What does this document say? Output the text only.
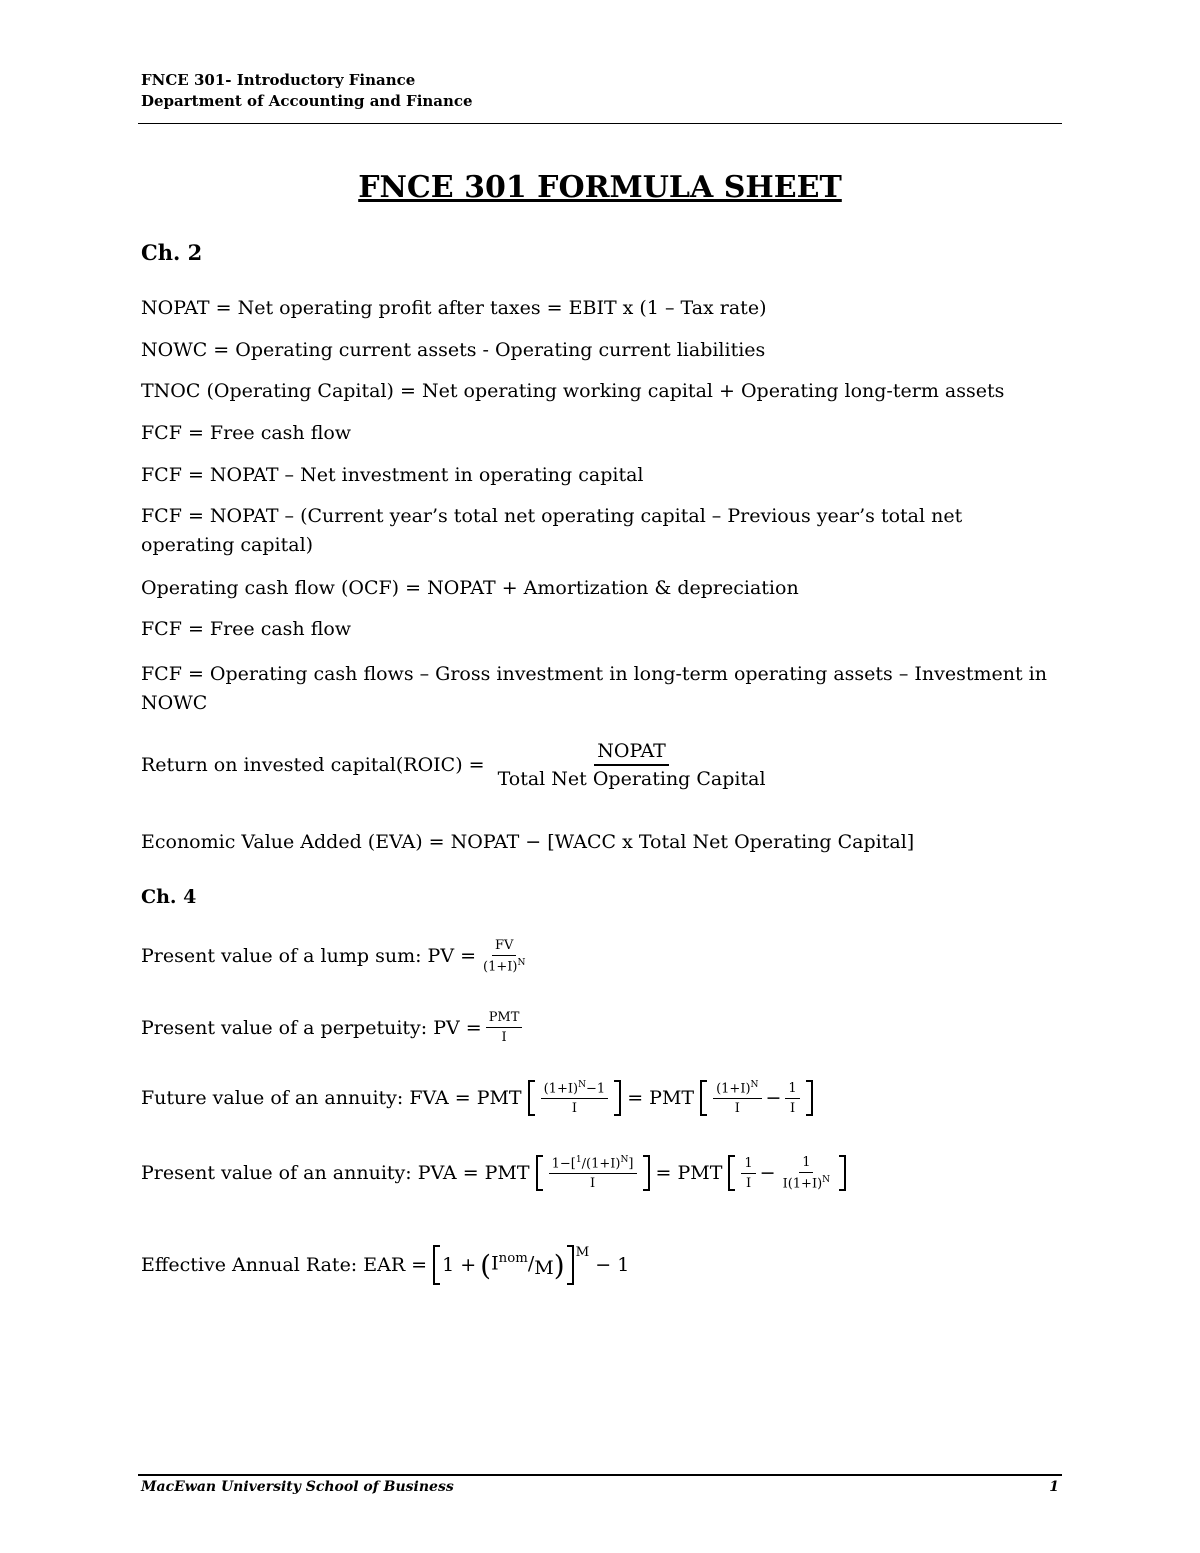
FNCE 301- Introductory Finance
Department of Accounting and Finance
FNCE 301 FORMULA SHEET
Ch. 2
NOPAT = Net operating profit after taxes = EBIT x (1 – Tax rate)
NOWC = Operating current assets - Operating current liabilities
TNOC (Operating Capital) = Net operating working capital + Operating long-term assets
FCF = Free cash flow
FCF = NOPAT – Net investment in operating capital
FCF = NOPAT – (Current year’s total net operating capital – Previous year’s total net operating capital)
Operating cash flow (OCF) = NOPAT + Amortization & depreciation
FCF = Free cash flow
FCF = Operating cash flows – Gross investment in long-term operating assets – Investment in NOWC
Return on invested capital(ROIC) = $\frac{\text{NOPAT}}{\text{Total Net Operating Capital}}$
Economic Value Added (EVA) = NOPAT − [WACC x Total Net Operating Capital]
Ch. 4
Present value of a lump sum: PV = $\frac{FV}{(1+I)^N}$
Present value of a perpetuity: PV = $\frac{\text{PMT}}{I}$
Future value of an annuity: FVA = PMT $\frac{(1+I)^N-1}{I}$ = PMT $\frac{(1+I)^N}{I} - \frac{1}{I}$
Present value of an annuity: PVA = PMT $\frac{1-[^1/(1+I)^N]}{I}$ = PMT $\frac{1}{I} - \frac{1}{I(1+I)^N}$
Effective Annual Rate: EAR = 1 + ( $I_{nom}/M$ ) $^M$
− 1
MacEwan University School of Business	1
